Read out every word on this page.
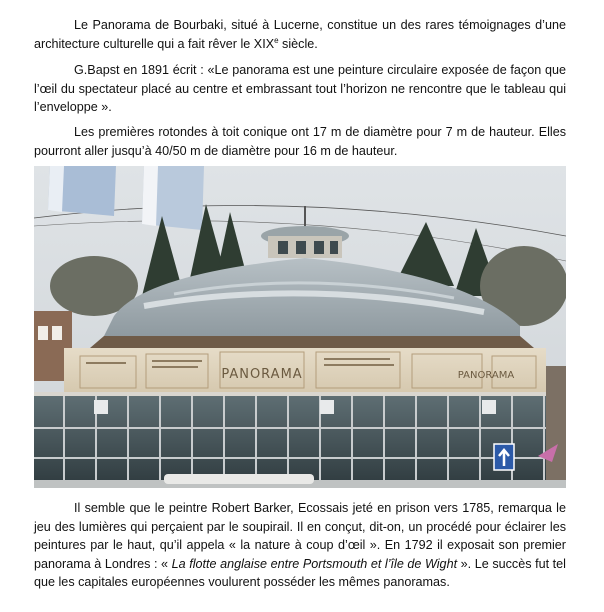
Le Panorama de Bourbaki, situé à Lucerne, constitue un des rares témoignages d’une architecture culturelle qui a fait rêver le XIXe siècle.

G.Bapst en 1891 écrit : «Le panorama est une peinture circulaire exposée de façon que l’œil du spectateur placé au centre et embrassant tout l’horizon ne rencontre que le tableau qui l’enveloppe ».

Les premières rotondes à toit conique ont 17 m de diamètre pour 7 m de hauteur. Elles pourront aller jusqu’à 40/50 m de diamètre pour 16 m de hauteur.

PANORAMA	PANORAMA

Il semble que le peintre Robert Barker, Ecossais jeté en prison vers 1785, remarqua le jeu des lumières qui perçaient par le soupirail. Il en conçut, dit-on, un procédé pour éclairer les peintures par le haut, qu’il appela « la nature à coup d’œil ». En 1792 il exposait son premier panorama à Londres : « La flotte anglaise entre Portsmouth et l’île de Wight ». Le succès fut tel que les capitales européennes voulurent posséder les mêmes panoramas.
